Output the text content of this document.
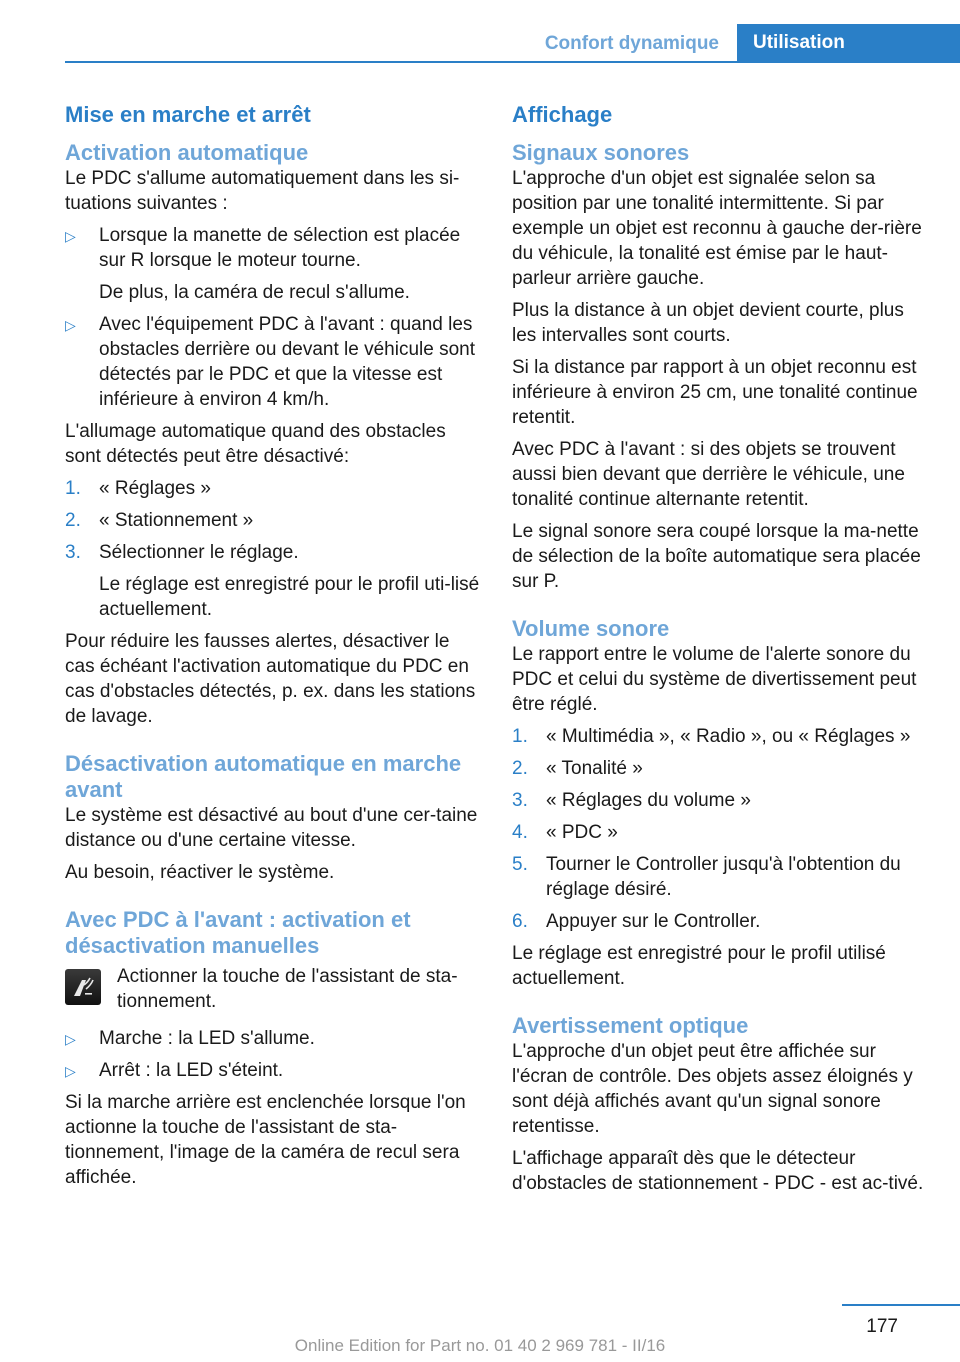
Confort dynamique	Utilisation
Mise en marche et arrêt
Activation automatique

Le PDC s'allume automatiquement dans les si-tuations suivantes :

▷ Lorsque la manette de sélection est placée sur R lorsque le moteur tourne.
De plus, la caméra de recul s'allume.
▷ Avec l'équipement PDC à l'avant : quand les obstacles derrière ou devant le véhicule sont détectés par le PDC et que la vitesse est inférieure à environ 4 km/h.

L'allumage automatique quand des obstacles sont détectés peut être désactivé:

1. « Réglages »
2. « Stationnement »
3. Sélectionner le réglage.
Le réglage est enregistré pour le profil uti-lisé actuellement.

Pour réduire les fausses alertes, désactiver le cas échéant l'activation automatique du PDC en cas d'obstacles détectés, p. ex. dans les stations de lavage.

Désactivation automatique en marche avant

Le système est désactivé au bout d'une cer-taine distance ou d'une certaine vitesse.

Au besoin, réactiver le système.

Avec PDC à l'avant : activation et désactivation manuelles
Actionner la touche de l'assistant de sta-tionnement.
▷ Marche : la LED s'allume.
▷ Arrêt : la LED s'éteint.

Si la marche arrière est enclenchée lorsque l'on actionne la touche de l'assistant de sta-tionnement, l'image de la caméra de recul sera affichée.

Affichage
Signaux sonores

L'approche d'un objet est signalée selon sa position par une tonalité intermittente. Si par exemple un objet est reconnu à gauche der-rière du véhicule, la tonalité est émise par le haut-parleur arrière gauche.

Plus la distance à un objet devient courte, plus les intervalles sont courts.

Si la distance par rapport à un objet reconnu est inférieure à environ 25 cm, une tonalité continue retentit.

Avec PDC à l'avant : si des objets se trouvent aussi bien devant que derrière le véhicule, une tonalité continue alternante retentit.

Le signal sonore sera coupé lorsque la ma-nette de sélection de la boîte automatique sera placée sur P.

Volume sonore

Le rapport entre le volume de l'alerte sonore du PDC et celui du système de divertissement peut être réglé.

1. « Multimédia », « Radio », ou « Réglages »
2. « Tonalité »
3. « Réglages du volume »
4. « PDC »
5. Tourner le Controller jusqu'à l'obtention du réglage désiré.
6. Appuyer sur le Controller.

Le réglage est enregistré pour le profil utilisé actuellement.

Avertissement optique

L'approche d'un objet peut être affichée sur l'écran de contrôle. Des objets assez éloignés y sont déjà affichés avant qu'un signal sonore retentisse.

L'affichage apparaît dès que le détecteur d'obstacles de stationnement - PDC - est ac-tivé.

177
Online Edition for Part no. 01 40 2 969 781 - II/16
